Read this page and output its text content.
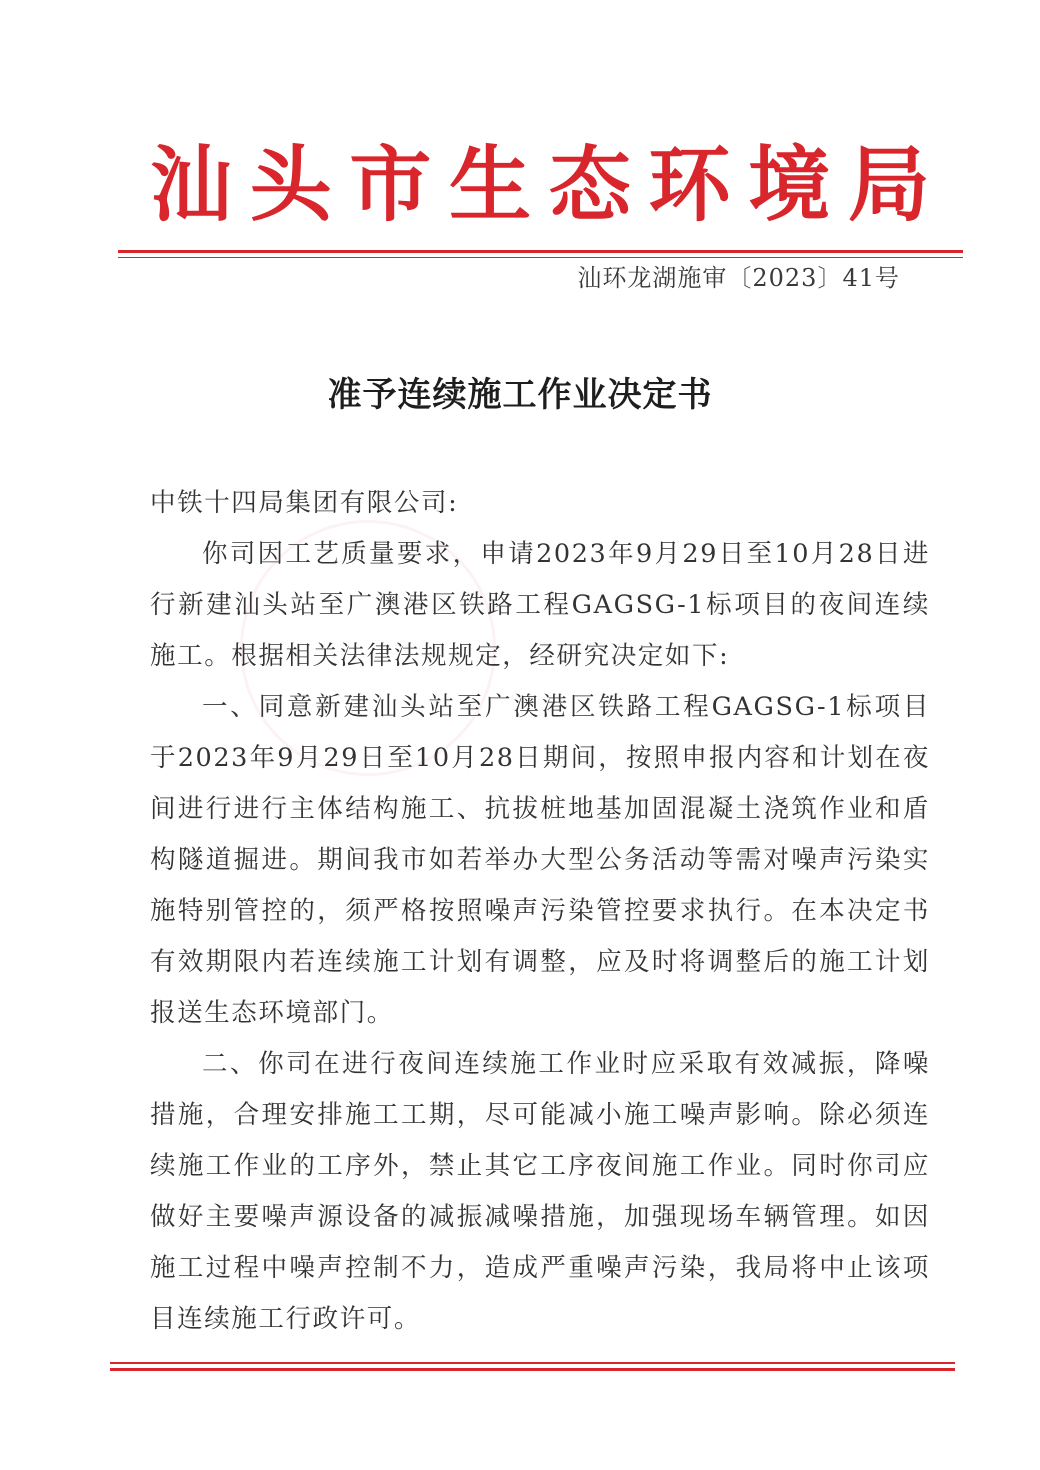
汕 头 市 生 态 环 境 局
汕环龙湖施审〔2023〕41号
准予连续施工作业决定书

中铁十四局集团有限公司:

你司因工艺质量要求，申请2023年9月29日至10月28日进行新建汕头站至广澳港区铁路工程GAGSG-1标项目的夜间连续施工。根据相关法律法规规定，经研究决定如下:

一、同意新建汕头站至广澳港区铁路工程GAGSG-1标项目于2023年9月29日至10月28日期间，按照申报内容和计划在夜间进行进行主体结构施工、抗拔桩地基加固混凝土浇筑作业和盾构隧道掘进。期间我市如若举办大型公务活动等需对噪声污染实施特别管控的，须严格按照噪声污染管控要求执行。在本决定书有效期限内若连续施工计划有调整，应及时将调整后的施工计划报送生态环境部门。

二、你司在进行夜间连续施工作业时应采取有效减振，降噪措施，合理安排施工工期，尽可能减小施工噪声影响。除必须连续施工作业的工序外，禁止其它工序夜间施工作业。同时你司应做好主要噪声源设备的减振减噪措施，加强现场车辆管理。如因施工过程中噪声控制不力，造成严重噪声污染，我局将中止该项目连续施工行政许可。
